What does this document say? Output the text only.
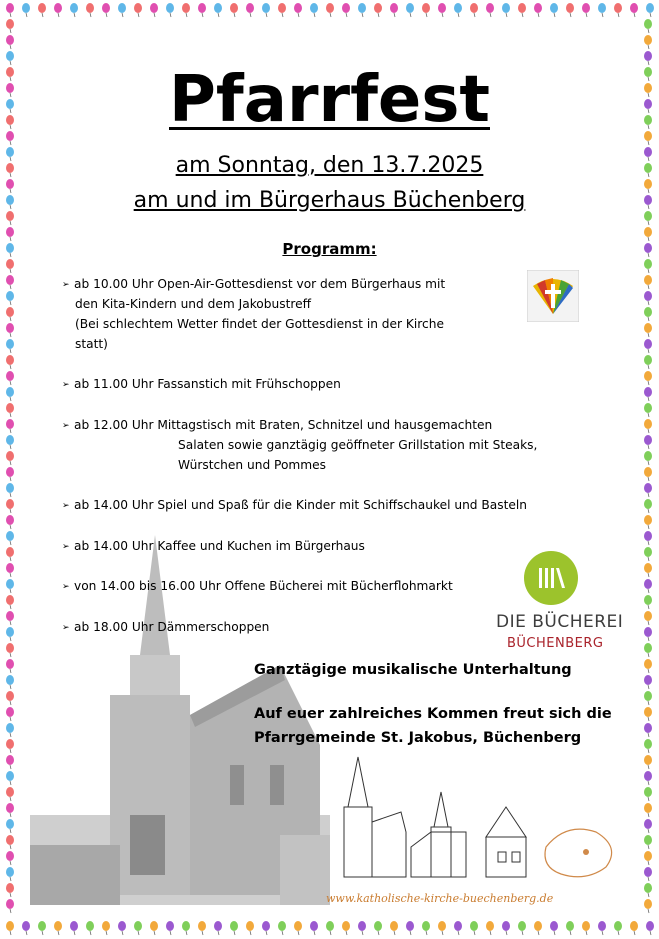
Pfarrfest
am Sonntag, den 13.7.2025
am und im Bürgerhaus Büchenberg
Programm:
➢ ab 10.00 Uhr Open-Air-Gottesdienst vor dem Bürgerhaus mit
den Kita-Kindern und dem Jakobustreff
(Bei schlechtem Wetter findet der Gottesdienst in der Kirche
statt)
➢ ab 11.00 Uhr Fassanstich mit Frühschoppen
➢ ab 12.00 Uhr Mittagstisch mit Braten, Schnitzel und hausgemachten
Salaten sowie ganztägig geöffneter Grillstation mit Steaks,
Würstchen und Pommes
➢ ab 14.00 Uhr Spiel und Spaß für die Kinder mit Schiffschaukel und Basteln
➢ ab 14.00 Uhr Kaffee und Kuchen im Bürgerhaus
➢ von 14.00 bis 16.00 Uhr Offene Bücherei mit Bücherflohmarkt
➢ ab 18.00 Uhr Dämmerschoppen	DIE BÜCHEREI
BÜCHENBERG
Ganztägige musikalische Unterhaltung
Auf euer zahlreiches Kommen freut sich die
Pfarrgemeinde St. Jakobus, Büchenberg
www.katholische-kirche-buechenberg.de
